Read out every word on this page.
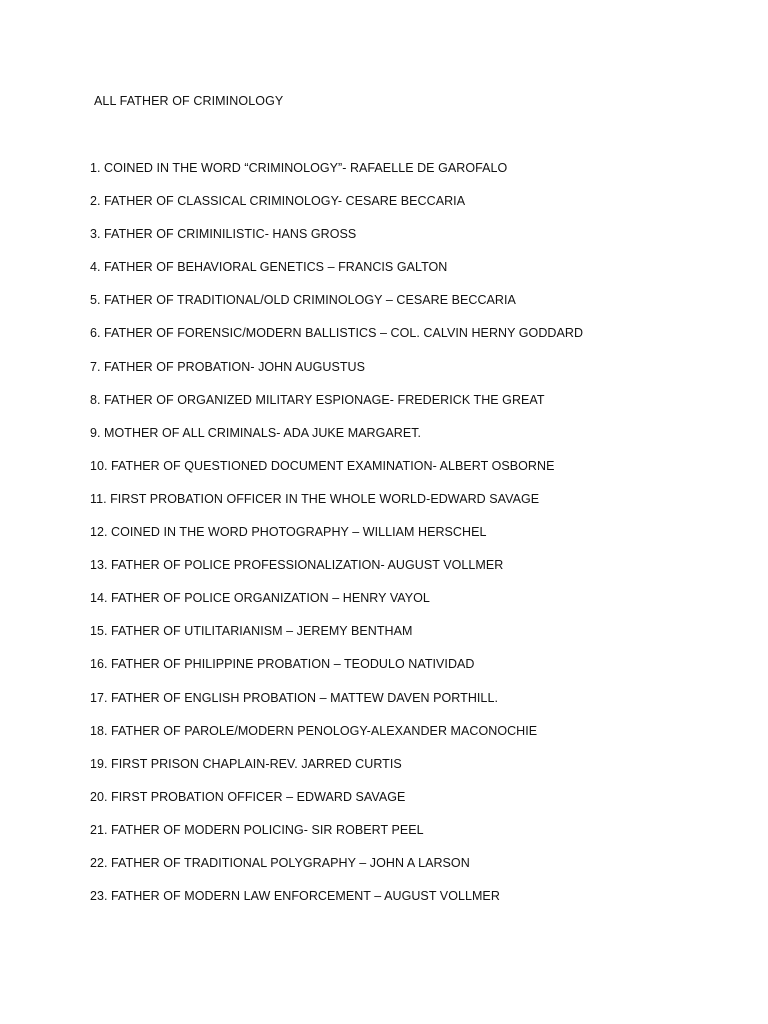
ALL FATHER OF CRIMINOLOGY
1. COINED IN THE WORD “CRIMINOLOGY”- RAFAELLE DE GAROFALO
2. FATHER OF CLASSICAL CRIMINOLOGY- CESARE BECCARIA
3. FATHER OF CRIMINILISTIC- HANS GROSS
4. FATHER OF BEHAVIORAL GENETICS – FRANCIS GALTON
5. FATHER OF TRADITIONAL/OLD CRIMINOLOGY – CESARE BECCARIA
6. FATHER OF FORENSIC/MODERN BALLISTICS – COL. CALVIN HERNY GODDARD
7. FATHER OF PROBATION- JOHN AUGUSTUS
8. FATHER OF ORGANIZED MILITARY ESPIONAGE- FREDERICK THE GREAT
9. MOTHER OF ALL CRIMINALS- ADA JUKE MARGARET.
10. FATHER OF QUESTIONED DOCUMENT EXAMINATION- ALBERT OSBORNE
11. FIRST PROBATION OFFICER IN THE WHOLE WORLD-EDWARD SAVAGE
12. COINED IN THE WORD PHOTOGRAPHY – WILLIAM HERSCHEL
13. FATHER OF POLICE PROFESSIONALIZATION- AUGUST VOLLMER
14. FATHER OF POLICE ORGANIZATION – HENRY VAYOL
15. FATHER OF UTILITARIANISM – JEREMY BENTHAM
16. FATHER OF PHILIPPINE PROBATION – TEODULO NATIVIDAD
17. FATHER OF ENGLISH PROBATION – MATTEW DAVEN PORTHILL.
18. FATHER OF PAROLE/MODERN PENOLOGY-ALEXANDER MACONOCHIE
19. FIRST PRISON CHAPLAIN-REV. JARRED CURTIS
20. FIRST PROBATION OFFICER – EDWARD SAVAGE
21. FATHER OF MODERN POLICING- SIR ROBERT PEEL
22. FATHER OF TRADITIONAL POLYGRAPHY – JOHN A LARSON
23. FATHER OF MODERN LAW ENFORCEMENT – AUGUST VOLLMER
